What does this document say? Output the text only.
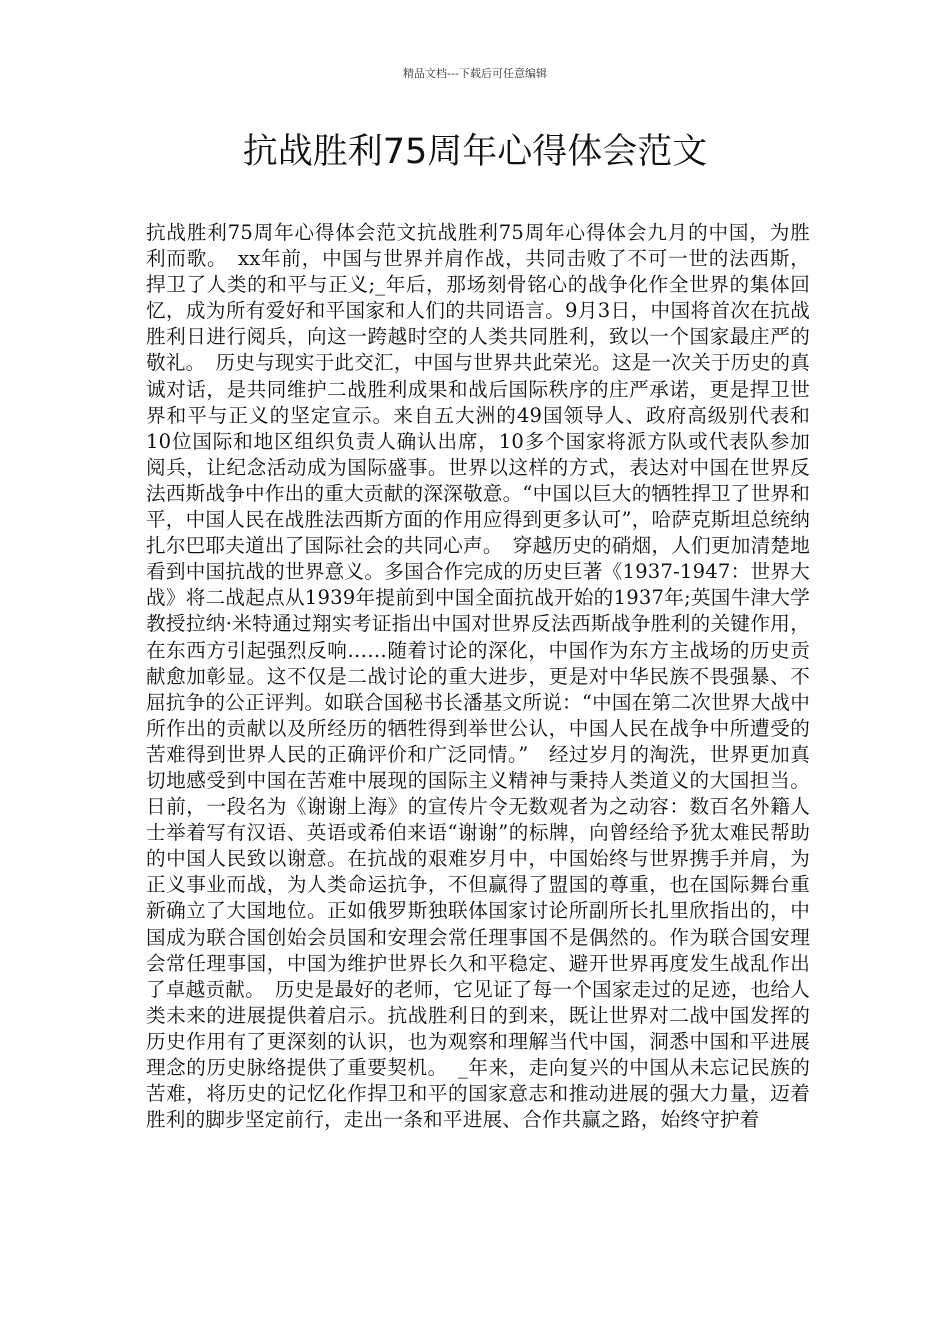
精品文档---下载后可任意编辑
抗战胜利75周年心得体会范文

抗战胜利75周年心得体会范文抗战胜利75周年心得体会九月的中国，为胜利而歌。　xx年前，中国与世界并肩作战，共同击败了不可一世的法西斯，捍卫了人类的和平与正义;_年后，那场刻骨铭心的战争化作全世界的集体回忆，成为所有爱好和平国家和人们的共同语言。9月3日，中国将首次在抗战胜利日进行阅兵，向这一跨越时空的人类共同胜利，致以一个国家最庄严的敬礼。　历史与现实于此交汇，中国与世界共此荣光。这是一次关于历史的真诚对话，是共同维护二战胜利成果和战后国际秩序的庄严承诺，更是捍卫世界和平与正义的坚定宣示。来自五大洲的49国领导人、政府高级别代表和10位国际和地区组织负责人确认出席，10多个国家将派方队或代表队参加阅兵，让纪念活动成为国际盛事。世界以这样的方式，表达对中国在世界反法西斯战争中作出的重大贡献的深深敬意。“中国以巨大的牺牲捍卫了世界和平，中国人民在战胜法西斯方面的作用应得到更多认可”，哈萨克斯坦总统纳扎尔巴耶夫道出了国际社会的共同心声。　穿越历史的硝烟，人们更加清楚地看到中国抗战的世界意义。多国合作完成的历史巨著《1937-1947：世界大战》将二战起点从1939年提前到中国全面抗战开始的1937年;英国牛津大学教授拉纳·米特通过翔实考证指出中国对世界反法西斯战争胜利的关键作用，在东西方引起强烈反响……随着讨论的深化，中国作为东方主战场的历史贡献愈加彰显。这不仅是二战讨论的重大进步，更是对中华民族不畏强暴、不屈抗争的公正评判。如联合国秘书长潘基文所说：“中国在第二次世界大战中所作出的贡献以及所经历的牺牲得到举世公认，中国人民在战争中所遭受的苦难得到世界人民的正确评价和广泛同情。”　经过岁月的淘洗，世界更加真切地感受到中国在苦难中展现的国际主义精神与秉持人类道义的大国担当。日前，一段名为《谢谢上海》的宣传片令无数观者为之动容：数百名外籍人士举着写有汉语、英语或希伯来语“谢谢”的标牌，向曾经给予犹太难民帮助的中国人民致以谢意。在抗战的艰难岁月中，中国始终与世界携手并肩，为正义事业而战，为人类命运抗争，不但赢得了盟国的尊重，也在国际舞台重新确立了大国地位。正如俄罗斯独联体国家讨论所副所长扎里欣指出的，中国成为联合国创始会员国和安理会常任理事国不是偶然的。作为联合国安理会常任理事国，中国为维护世界长久和平稳定、避开世界再度发生战乱作出了卓越贡献。　历史是最好的老师，它见证了每一个国家走过的足迹，也给人类未来的进展提供着启示。抗战胜利日的到来，既让世界对二战中国发挥的历史作用有了更深刻的认识，也为观察和理解当代中国，洞悉中国和平进展理念的历史脉络提供了重要契机。　_年来，走向复兴的中国从未忘记民族的苦难，将历史的记忆化作捍卫和平的国家意志和推动进展的强大力量，迈着胜利的脚步坚定前行，走出一条和平进展、合作共赢之路，始终守护着
